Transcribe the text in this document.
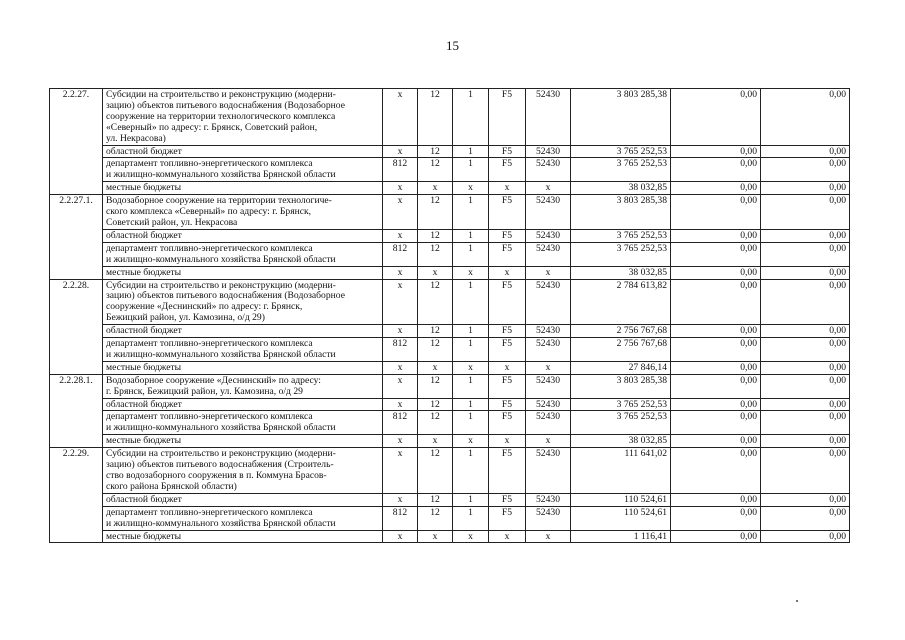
15
2.2.27.	Субсидии на строительство и реконструкцию (модерни-
зацию) объектов питьевого водоснабжения (Водозаборное
сооружение на территории технологического комплекса
«Северный» по адресу: г. Брянск, Советский район,
ул. Некрасова)	х	12	1	F5	52430	3 803 285,38	0,00	0,00
	областной бюджет	х	12	1	F5	52430	3 765 252,53	0,00	0,00
	департамент топливно-энергетического комплекса
и жилищно-коммунального хозяйства Брянской области	812	12	1	F5	52430	3 765 252,53	0,00	0,00
	местные бюджеты	х	х	х	х	х	38 032,85	0,00	0,00
2.2.27.1.	Водозаборное сооружение на территории технологиче-
ского комплекса «Северный» по адресу: г. Брянск,
Советский район, ул. Некрасова	х	12	1	F5	52430	3 803 285,38	0,00	0,00
	областной бюджет	х	12	1	F5	52430	3 765 252,53	0,00	0,00
	департамент топливно-энергетического комплекса
и жилищно-коммунального хозяйства Брянской области	812	12	1	F5	52430	3 765 252,53	0,00	0,00
	местные бюджеты	х	х	х	х	х	38 032,85	0,00	0,00
2.2.28.	Субсидии на строительство и реконструкцию (модерни-
зацию) объектов питьевого водоснабжения (Водозаборное
сооружение «Деснинский» по адресу: г. Брянск,
Бежицкий район, ул. Камозина, о/д 29)	х	12	1	F5	52430	2 784 613,82	0,00	0,00
	областной бюджет	х	12	1	F5	52430	2 756 767,68	0,00	0,00
	департамент топливно-энергетического комплекса
и жилищно-коммунального хозяйства Брянской области	812	12	1	F5	52430	2 756 767,68	0,00	0,00
	местные бюджеты	х	х	х	х	х	27 846,14	0,00	0,00
2.2.28.1.	Водозаборное сооружение «Деснинский» по адресу:
г. Брянск, Бежицкий район, ул. Камозина, о/д 29	х	12	1	F5	52430	3 803 285,38	0,00	0,00
	областной бюджет	х	12	1	F5	52430	3 765 252,53	0,00	0,00
	департамент топливно-энергетического комплекса
и жилищно-коммунального хозяйства Брянской области	812	12	1	F5	52430	3 765 252,53	0,00	0,00
	местные бюджеты	х	х	х	х	х	38 032,85	0,00	0,00
2.2.29.	Субсидии на строительство и реконструкцию (модерни-
зацию) объектов питьевого водоснабжения (Строитель-
ство водозаборного сооружения в п. Коммуна Брасов-
ского района Брянской области)	х	12	1	F5	52430	111 641,02	0,00	0,00
	областной бюджет	х	12	1	F5	52430	110 524,61	0,00	0,00
	департамент топливно-энергетического комплекса
и жилищно-коммунального хозяйства Брянской области	812	12	1	F5	52430	110 524,61	0,00	0,00
	местные бюджеты	х	х	х	х	х	1 116,41	0,00	0,00
